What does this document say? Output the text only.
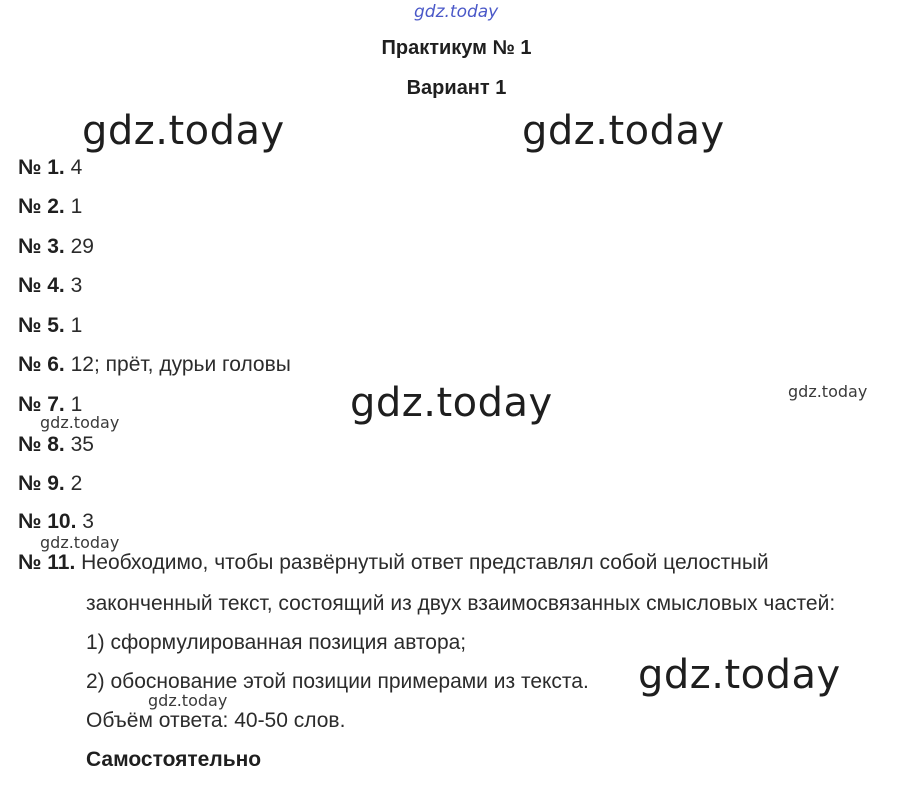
gdz.today
gdz.today	gdz.today
gdz.today	gdz.today
gdz.today
gdz.today
gdz.today
gdz.today
Практикум № 1
Вариант 1
№ 1. 4
№ 2. 1
№ 3. 29
№ 4. 3
№ 5. 1
№ 6. 12; прёт, дурьи головы
№ 7. 1
№ 8. 35
№ 9. 2
№ 10. 3
№ 11. Необходимо, чтобы развёрнутый ответ представлял собой целостный
законченный текст, состоящий из двух взаимосвязанных смысловых частей:
1) сформулированная позиция автора;
2) обоснование этой позиции примерами из текста.
Объём ответа: 40-50 слов.
Самостоятельно
